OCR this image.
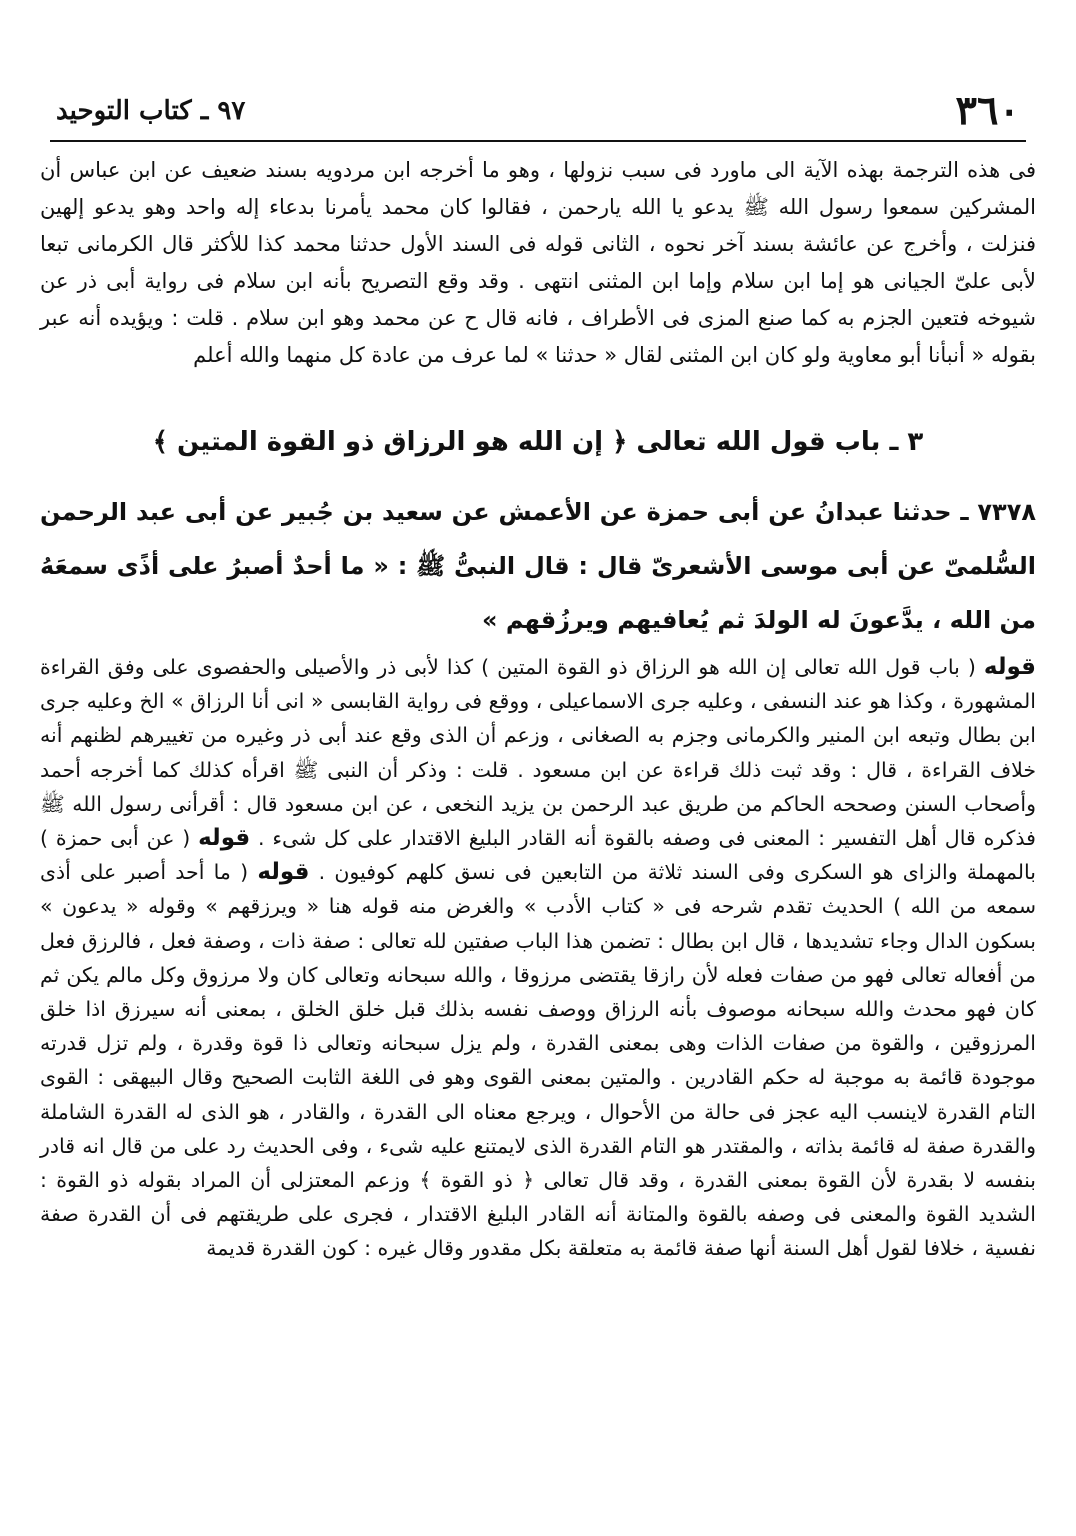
٣٦٠
٩٧ ـ كتاب التوحيد
فى هذه الترجمة بهذه الآية الى ماورد فى سبب نزولها ، وهو ما أخرجه ابن مردويه بسند ضعيف عن ابن عباس أن المشركين سمعوا رسول الله ﷺ يدعو يا الله يارحمن ، فقالوا كان محمد يأمرنا بدعاء إله واحد وهو يدعو إلهين فنزلت ، وأخرج عن عائشة بسند آخر نحوه ، الثانى قوله فى السند الأول حدثنا محمد كذا للأكثر قال الكرمانى تبعا لأبى علىّ الجيانى هو إما ابن سلام وإما ابن المثنى انتهى . وقد وقع التصريح بأنه ابن سلام فى رواية أبى ذر عن شيوخه فتعين الجزم به كما صنع المزى فى الأطراف ، فانه قال ح عن محمد وهو ابن سلام . قلت : ويؤيده أنه عبر بقوله « أنبأنا أبو معاوية ولو كان ابن المثنى لقال « حدثنا » لما عرف من عادة كل منهما والله أعلم
٣ ـ باب قول الله تعالى ﴿ إن الله هو الرزاق ذو القوة المتين ﴾
٧٣٧٨ ـ حدثنا عبدانُ عن أبى حمزة عن الأعمش عن سعيد بن جُبير عن أبى عبد الرحمن السُّلمىّ عن أبى موسى الأشعرىّ قال : قال النبىُّ ﷺ : « ما أحدٌ أصبرُ على أذًى سمعَهُ من الله ، يدَّعونَ له الولدَ ثم يُعافيهم ويرزُقهم »
قوله ( باب قول الله تعالى إن الله هو الرزاق ذو القوة المتين ) كذا لأبى ذر والأصيلى والحفصوى على وفق القراءة المشهورة ، وكذا هو عند النسفى ، وعليه جرى الاسماعيلى ، ووقع فى رواية القابسى « انى أنا الرزاق » الخ وعليه جرى ابن بطال وتبعه ابن المنير والكرمانى وجزم به الصغانى ، وزعم أن الذى وقع عند أبى ذر وغيره من تغييرهم لظنهم أنه خلاف القراءة ، قال : وقد ثبت ذلك قراءة عن ابن مسعود . قلت : وذكر أن النبى ﷺ اقرأه كذلك كما أخرجه أحمد وأصحاب السنن وصححه الحاكم من طريق عبد الرحمن بن يزيد النخعى ، عن ابن مسعود قال : أقرأنى رسول الله ﷺ فذكره قال أهل التفسير : المعنى فى وصفه بالقوة أنه القادر البليغ الاقتدار على كل شىء . قوله ( عن أبى حمزة ) بالمهملة والزاى هو السكرى وفى السند ثلاثة من التابعين فى نسق كلهم كوفيون . قوله ( ما أحد أصبر على أذى سمعه من الله ) الحديث تقدم شرحه فى « كتاب الأدب » والغرض منه قوله هنا « ويرزقهم » وقوله « يدعون » بسكون الدال وجاء تشديدها ، قال ابن بطال : تضمن هذا الباب صفتين لله تعالى : صفة ذات ، وصفة فعل ، فالرزق فعل من أفعاله تعالى فهو من صفات فعله لأن رازقا يقتضى مرزوقا ، والله سبحانه وتعالى كان ولا مرزوق وكل مالم يكن ثم كان فهو محدث والله سبحانه موصوف بأنه الرزاق ووصف نفسه بذلك قبل خلق الخلق ، بمعنى أنه سيرزق اذا خلق المرزوقين ، والقوة من صفات الذات وهى بمعنى القدرة ، ولم يزل سبحانه وتعالى ذا قوة وقدرة ، ولم تزل قدرته موجودة قائمة به موجبة له حكم القادرين . والمتين بمعنى القوى وهو فى اللغة الثابت الصحيح وقال البيهقى : القوى التام القدرة لاينسب اليه عجز فى حالة من الأحوال ، ويرجع معناه الى القدرة ، والقادر ، هو الذى له القدرة الشاملة والقدرة صفة له قائمة بذاته ، والمقتدر هو التام القدرة الذى لايمتنع عليه شىء ، وفى الحديث رد على من قال انه قادر بنفسه لا بقدرة لأن القوة بمعنى القدرة ، وقد قال تعالى ﴿ ذو القوة ﴾ وزعم المعتزلى أن المراد بقوله ذو القوة : الشديد القوة والمعنى فى وصفه بالقوة والمتانة أنه القادر البليغ الاقتدار ، فجرى على طريقتهم فى أن القدرة صفة نفسية ، خلافا لقول أهل السنة أنها صفة قائمة به متعلقة بكل مقدور وقال غيره : كون القدرة قديمة
